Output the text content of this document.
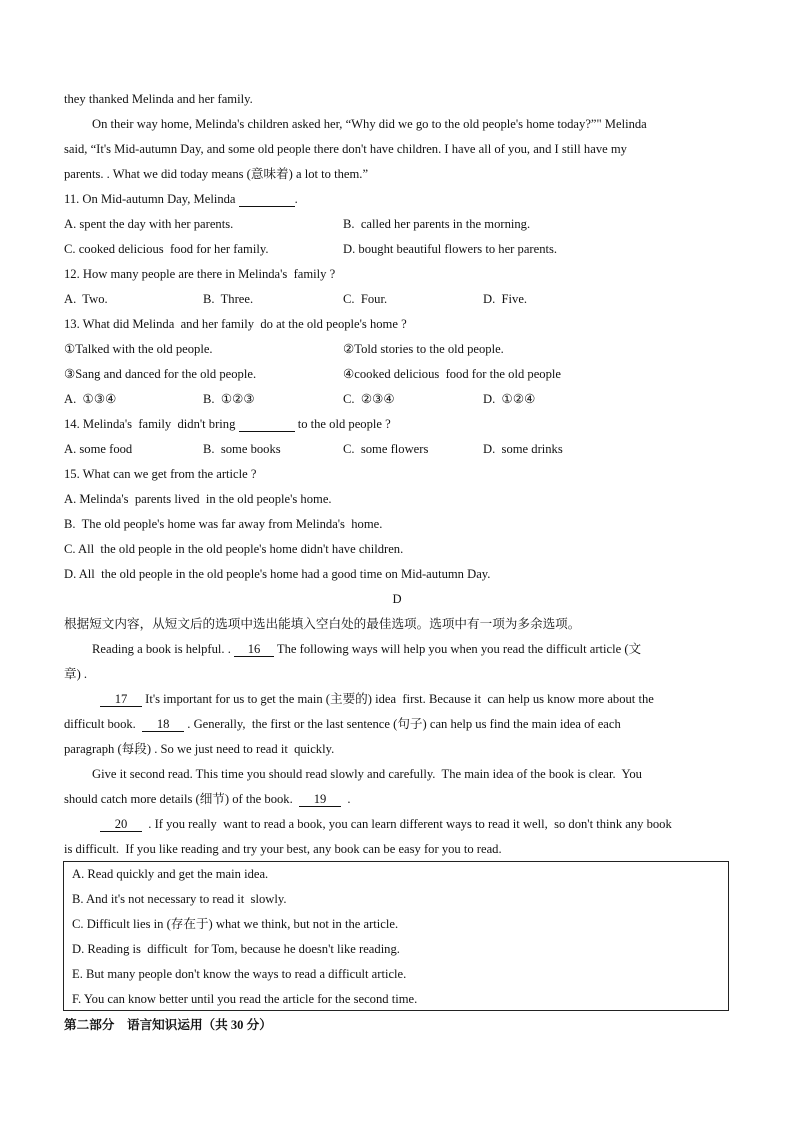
they thanked Melinda and her family.
On their way home, Melinda's children asked her, “Why did we go to the old people's home today?”" Melinda
said, “It's Mid-autumn Day, and some old people there don't have children. I have all of you, and I still have my
parents. . What we did today means (意味着) a lot to them.”
11. On Mid-autumn Day, Melinda	.
A. spent the day with her parents.	B.  called her parents in the morning.
C. cooked delicious  food for her family.	D. bought beautiful flowers to her parents.
12. How many people are there in Melinda's  family ?
A.  Two.	B.  Three.	C.  Four.	D.  Five.
13. What did Melinda  and her family  do at the old people's home ?
①Talked with the old people.	②Told stories to the old people.
③Sang and danced for the old people.	④cooked delicious  food for the old people
A.  ①③④	B.  ①②③	C.  ②③④	D.  ①②④
14. Melinda's  family  didn't bring	to the old people ?
A. some food	B.  some books	C.  some flowers	D.  some drinks
15. What can we get from the article ?
A. Melinda's  parents lived  in the old people's home.
B.  The old people's home was far away from Melinda's  home.
C. All  the old people in the old people's home didn't have children.
D. All  the old people in the old people's home had a good time on Mid-autumn Day.
D
根据短文内容，从短文后的选项中选出能填入空白处的最佳选项。选项中有一项为多余选项。
Reading a book is helpful. . 16 The following ways will help you when you read the difficult article (文
章) .
17 It's important for us to get the main (主要的) idea  first. Because it  can help us know more about the
difficult book.  18 . Generally,  the first or the last sentence (句子) can help us find the main idea of each
paragraph (每段) . So we just need to read it  quickly.
Give it second read. This time you should read slowly and carefully.  The main idea of the book is clear.  You
should catch more details (细节) of the book.  19  .
20  . If you really  want to read a book, you can learn different ways to read it well,  so don't think any book
is difficult.  If you like reading and try your best, any book can be easy for you to read.
A. Read quickly and get the main idea.
B. And it's not necessary to read it  slowly.
C. Difficult lies in (存在于) what we think, but not in the article.
D. Reading is  difficult  for Tom, because he doesn't like reading.
E. But many people don't know the ways to read a difficult article.
F. You can know better until you read the article for the second time.
第二部分    语言知识运用（共 30 分）
